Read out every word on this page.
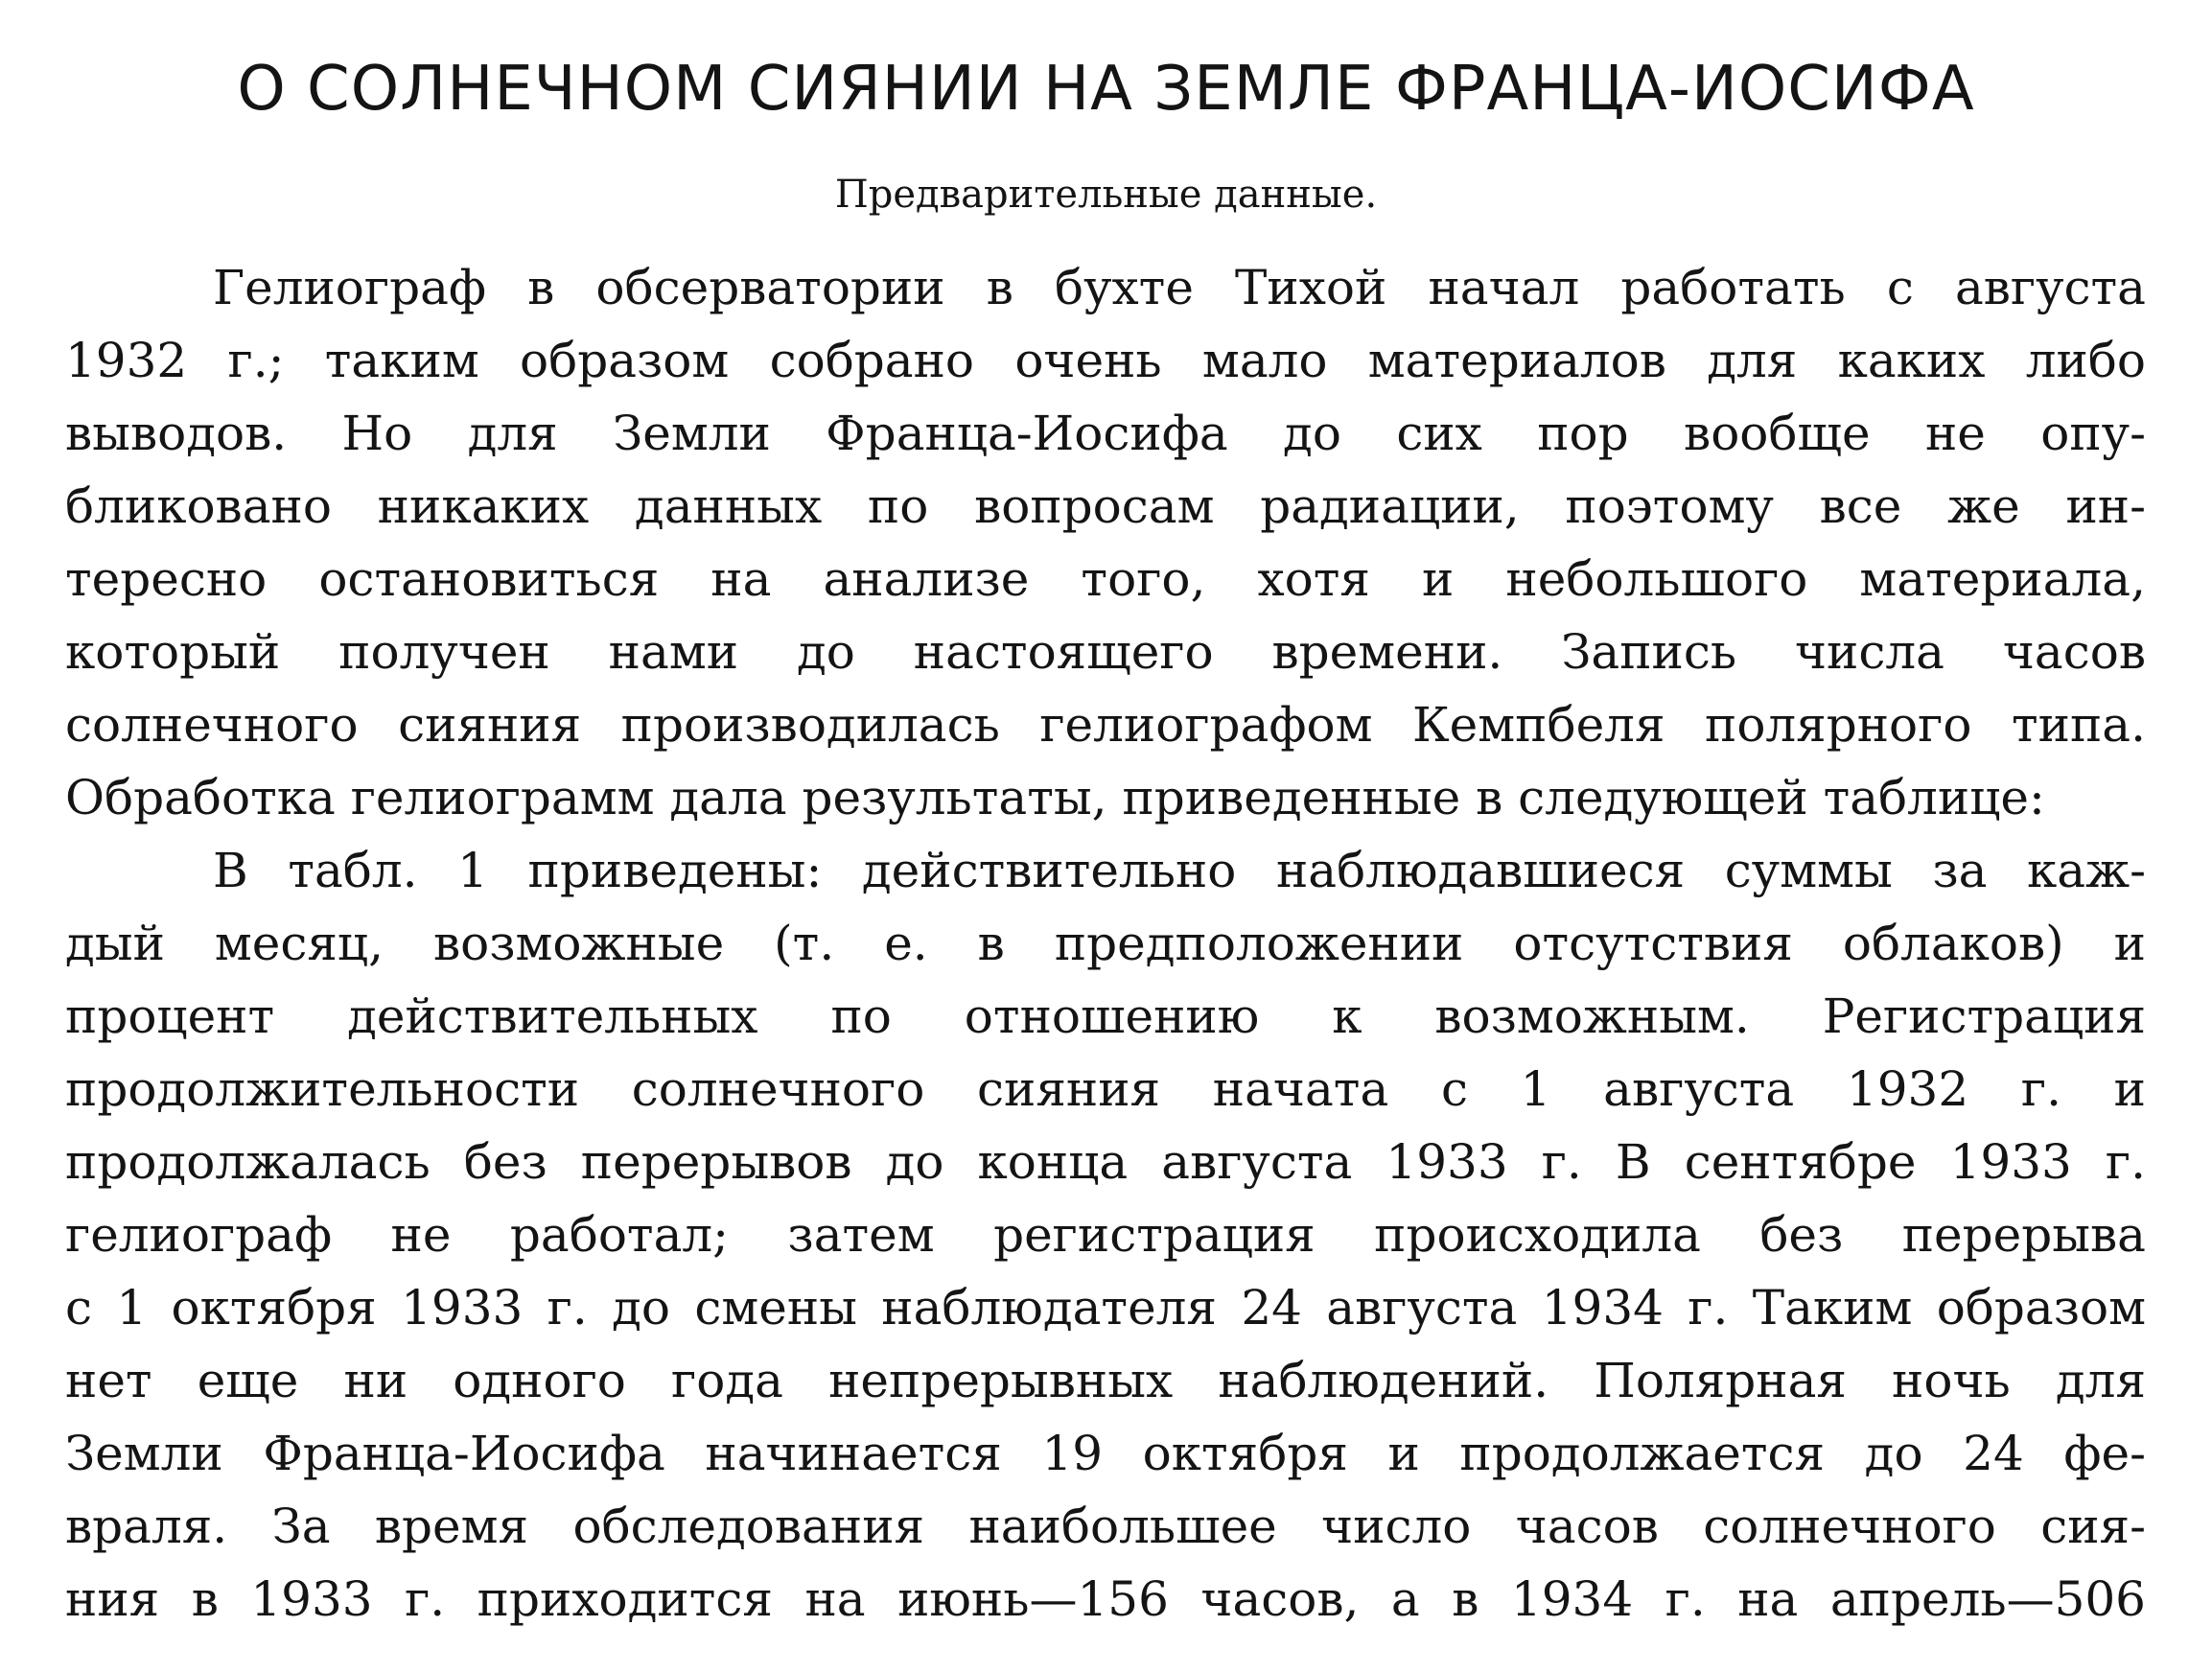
О СОЛНЕЧНОМ СИЯНИИ НА ЗЕМЛЕ ФРАНЦА-ИОСИФА
Предварительные данные.
Гелиограф в обсерватории в бухте Тихой начал работать с августа
1932 г.; таким образом собрано очень мало материалов для каких либо
выводов. Но для Земли Франца-Иосифа до сих пор вообще не опу-
бликовано никаких данных по вопросам радиации, поэтому все же ин-
тересно остановиться на анализе того, хотя и небольшого материала,
который получен нами до настоящего времени. Запись числа часов
солнечного сияния производилась гелиографом Кемпбеля полярного типа.
Обработка гелиограмм дала результаты, приведенные в следующей таблице:
В табл. 1 приведены: действительно наблюдавшиеся суммы за каж-
дый месяц, возможные (т. е. в предположении отсутствия облаков) и
процент действительных по отношению к возможным. Регистрация
продолжительности солнечного сияния начата с 1 августа 1932 г. и
продолжалась без перерывов до конца августа 1933 г. В сентябре 1933 г.
гелиограф не работал; затем регистрация происходила без перерыва
с 1 октября 1933 г. до смены наблюдателя 24 августа 1934 г. Таким образом
нет еще ни одного года непрерывных наблюдений. Полярная ночь для
Земли Франца-Иосифа начинается 19 октября и продолжается до 24 фе-
враля. За время обследования наибольшее число часов солнечного сия-
ния в 1933 г. приходится на июнь—156 часов, а в 1934 г. на апрель—506
